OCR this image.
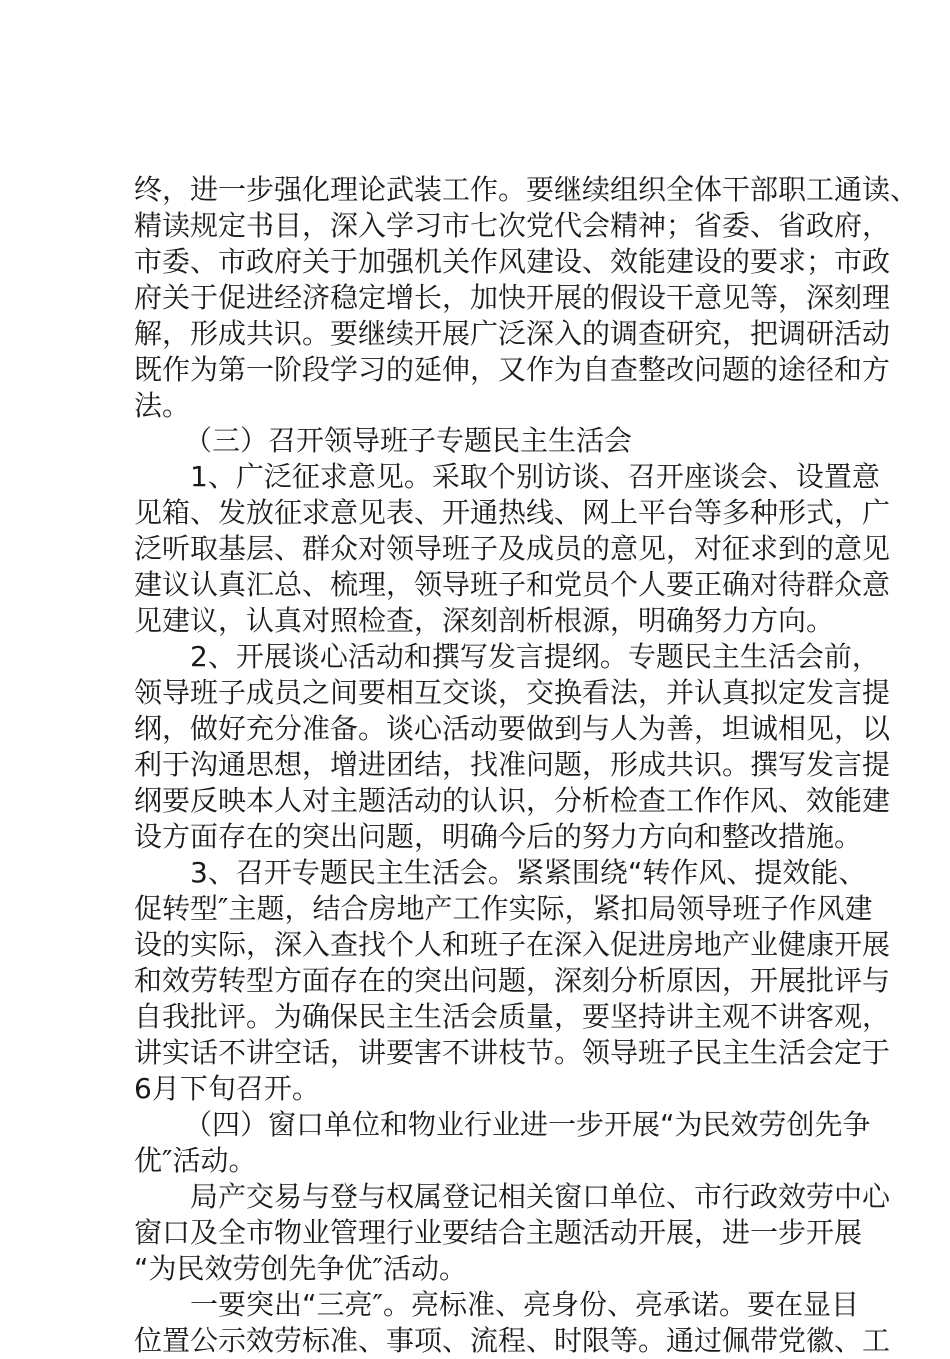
终，进一步强化理论武装工作。要继续组织全体干部职工通读、
精读规定书目，深入学习市七次党代会精神；省委、省政府，
市委、市政府关于加强机关作风建设、效能建设的要求；市政
府关于促进经济稳定增长，加快开展的假设干意见等，深刻理
解，形成共识。要继续开展广泛深入的调查研究，把调研活动
既作为第一阶段学习的延伸，又作为自查整改问题的途径和方
法。
（三）召开领导班子专题民主生活会
1、广泛征求意见。采取个别访谈、召开座谈会、设置意
见箱、发放征求意见表、开通热线、网上平台等多种形式，广
泛听取基层、群众对领导班子及成员的意见，对征求到的意见
建议认真汇总、梳理，领导班子和党员个人要正确对待群众意
见建议，认真对照检查，深刻剖析根源，明确努力方向。
2、开展谈心活动和撰写发言提纲。专题民主生活会前，
领导班子成员之间要相互交谈，交换看法，并认真拟定发言提
纲，做好充分准备。谈心活动要做到与人为善，坦诚相见，以
利于沟通思想，增进团结，找准问题，形成共识。撰写发言提
纲要反映本人对主题活动的认识，分析检查工作作风、效能建
设方面存在的突出问题，明确今后的努力方向和整改措施。
3、召开专题民主生活会。紧紧围绕“转作风、提效能、
促转型″主题，结合房地产工作实际，紧扣局领导班子作风建
设的实际，深入查找个人和班子在深入促进房地产业健康开展
和效劳转型方面存在的突出问题，深刻分析原因，开展批评与
自我批评。为确保民主生活会质量，要坚持讲主观不讲客观，
讲实话不讲空话，讲要害不讲枝节。领导班子民主生活会定于
6月下旬召开。
（四）窗口单位和物业行业进一步开展“为民效劳创先争
优″活动。
局产交易与登与权属登记相关窗口单位、市行政效劳中心
窗口及全市物业管理行业要结合主题活动开展，进一步开展
“为民效劳创先争优″活动。
一要突出“三亮″。亮标准、亮身份、亮承诺。要在显目
位置公示效劳标准、事项、流程、时限等。通过佩带党徽、工
